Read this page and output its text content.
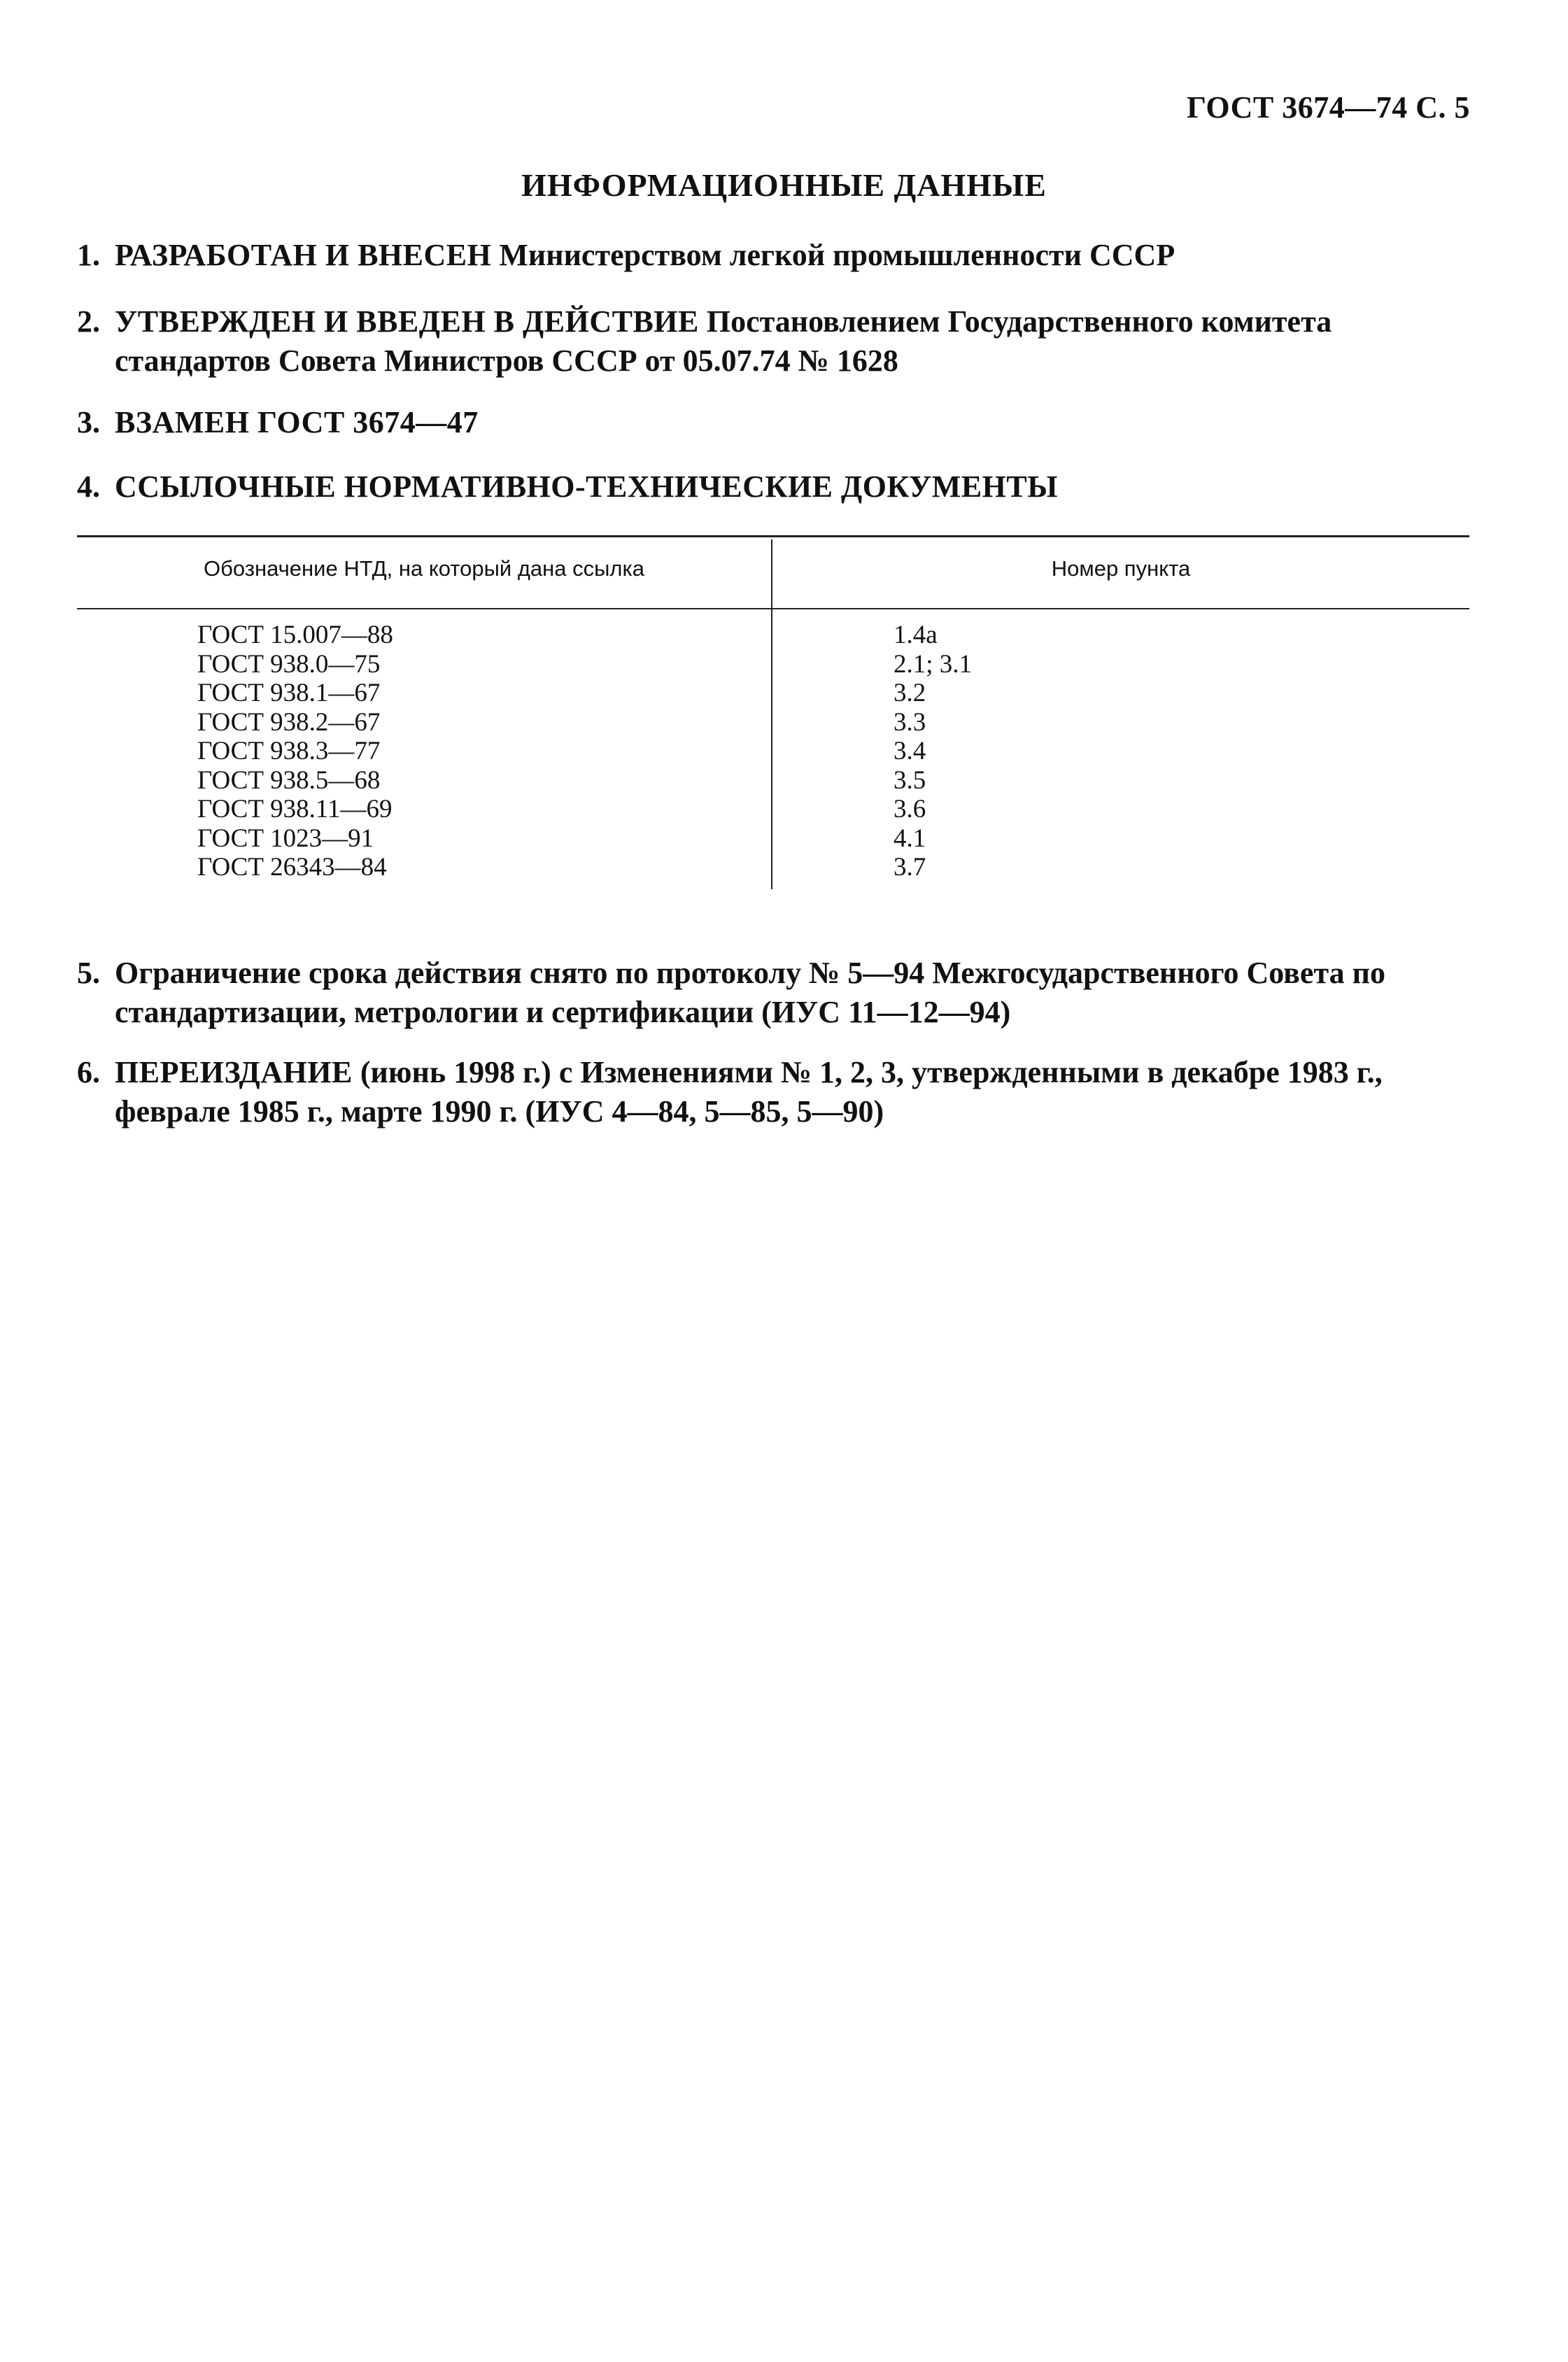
ГОСТ 3674—74 С. 5
ИНФОРМАЦИОННЫЕ ДАННЫЕ
1. РАЗРАБОТАН И ВНЕСЕН Министерством легкой промышленности СССР
2. УТВЕРЖДЕН И ВВЕДЕН В ДЕЙСТВИЕ Постановлением Государственного комитета стандартов Совета Министров СССР от 05.07.74 № 1628
3. ВЗАМЕН ГОСТ 3674—47
4. ССЫЛОЧНЫЕ НОРМАТИВНО-ТЕХНИЧЕСКИЕ ДОКУМЕНТЫ
Обозначение НТД, на который дана ссылка	Номер пункта
ГОСТ 15.007—88
ГОСТ 938.0—75
ГОСТ 938.1—67
ГОСТ 938.2—67
ГОСТ 938.3—77
ГОСТ 938.5—68
ГОСТ 938.11—69
ГОСТ 1023—91
ГОСТ 26343—84
1.4а
2.1; 3.1
3.2
3.3
3.4
3.5
3.6
4.1
3.7
5. Ограничение срока действия снято по протоколу № 5—94 Межгосударственного Совета по стандартизации, метрологии и сертификации (ИУС 11—12—94)
6. ПЕРЕИЗДАНИЕ (июнь 1998 г.) с Изменениями № 1, 2, 3, утвержденными в декабре 1983 г., феврале 1985 г., марте 1990 г. (ИУС 4—84, 5—85, 5—90)
